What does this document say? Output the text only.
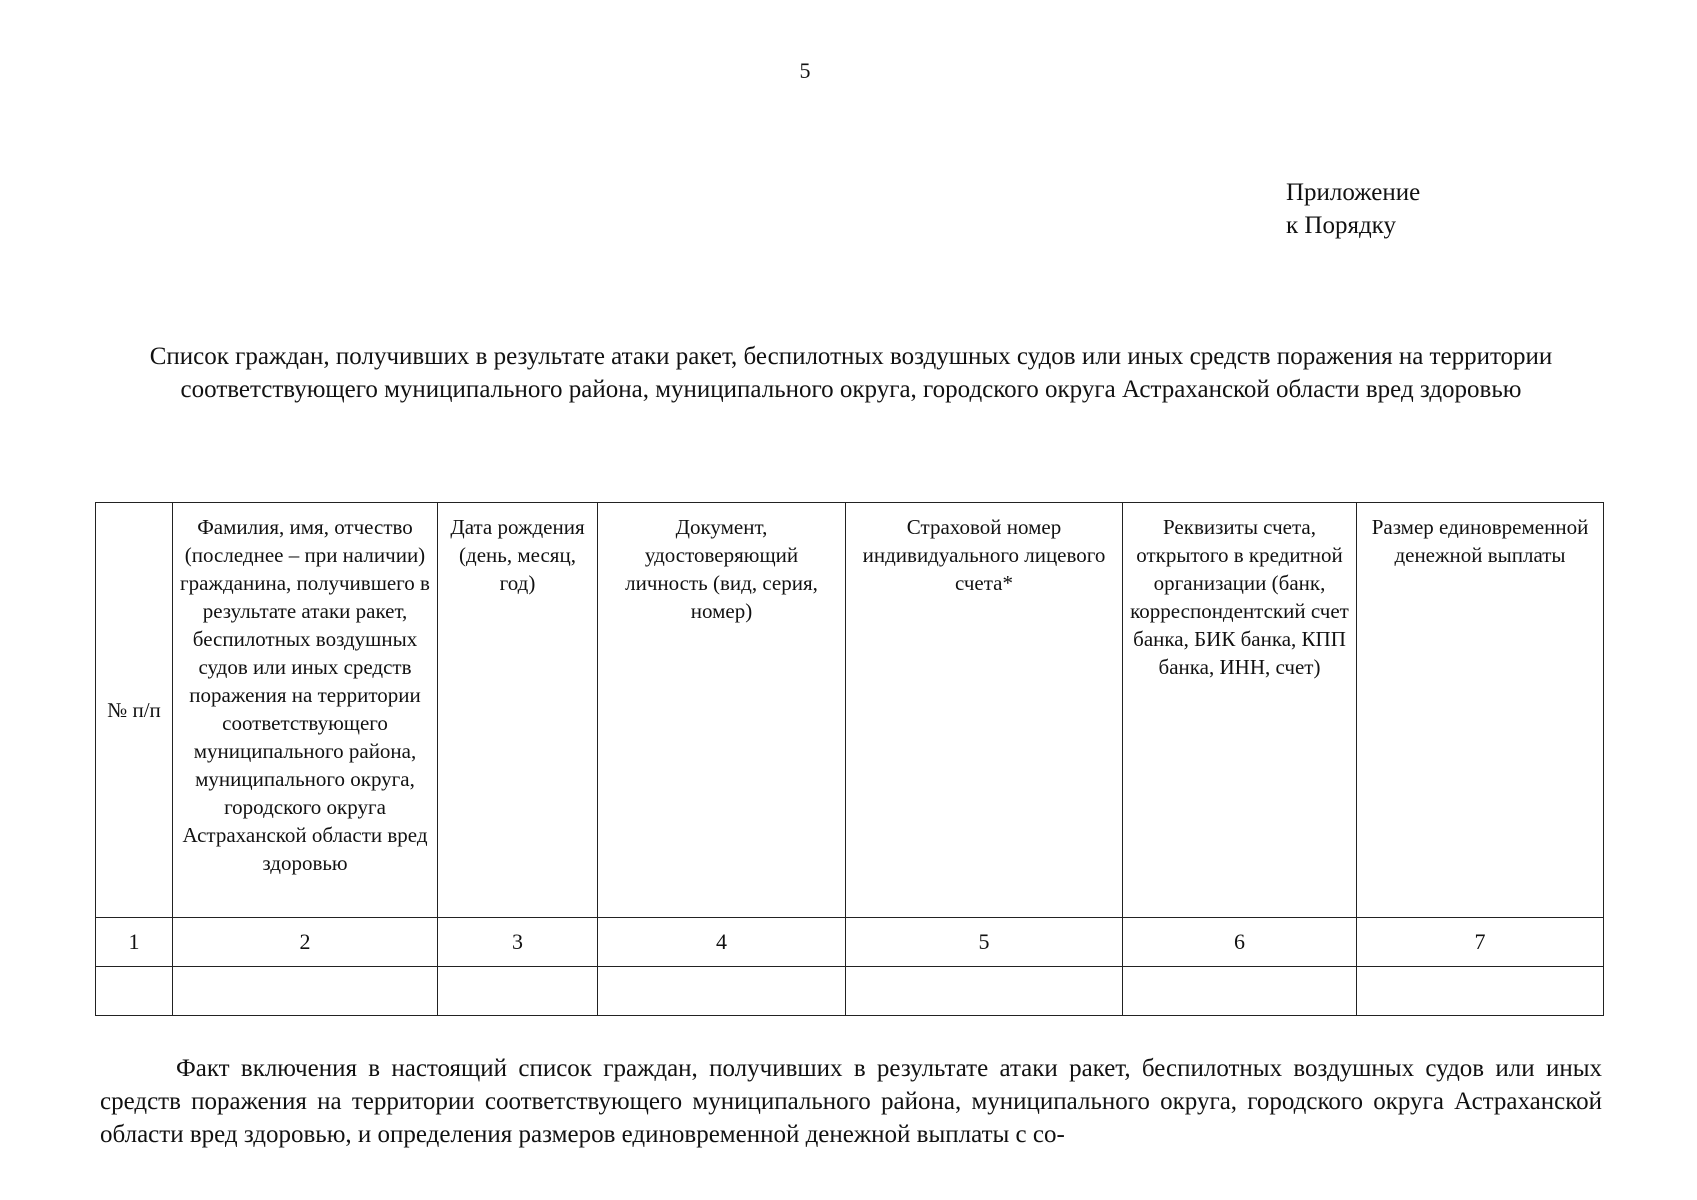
5
Приложение
к Порядку
Список граждан, получивших в результате атаки ракет, беспилотных воздушных судов или иных средств поражения на территории соответствующего муниципального района, муниципального округа, городского округа Астраханской области вред здоровью
№ п/п	Фамилия, имя, отчество (последнее – при наличии) гражданина, получившего в результате атаки ракет, беспилотных воздушных судов или иных средств поражения на территории соответствующего муниципального района, муниципального округа, городского округа Астраханской области вред здоровью	Дата рождения (день, месяц, год)	Документ, удостоверяющий личность (вид, серия, номер)	Страховой номер индивидуального лицевого счета*	Реквизиты счета, открытого в кредитной организации (банк, корреспондентский счет банка, БИК банка, КПП банка, ИНН, счет)	Размер единовременной денежной выплаты
1	2	3	4	5	6	7

Факт включения в настоящий список граждан, получивших в результате атаки ракет, беспилотных воздушных судов или иных средств поражения на территории соответствующего муниципального района, муниципального округа, городского округа Астраханской области вред здоровью, и определения размеров единовременной денежной выплаты с со-
